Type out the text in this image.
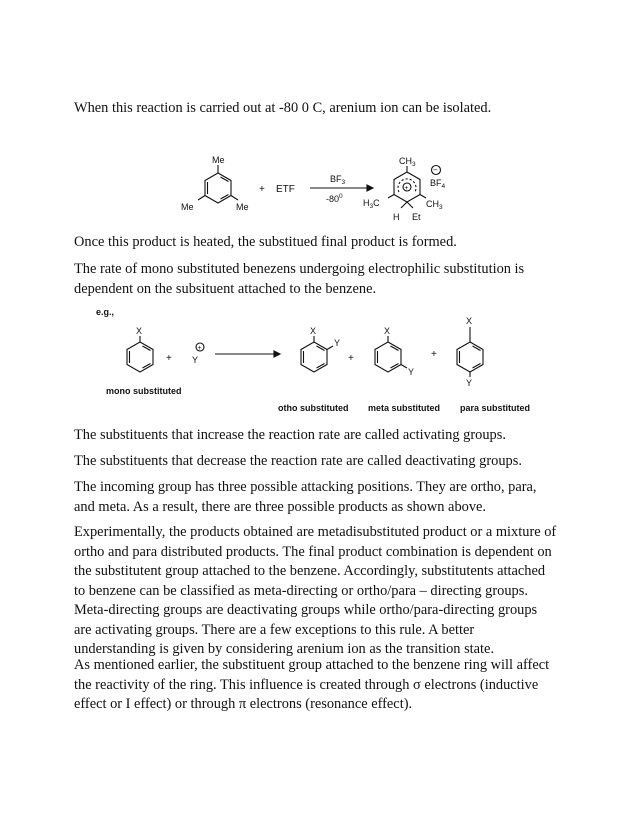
When this reaction is carried out at -80 0 C, arenium ion can be isolated.

Me
Me	Me
+ ETF
$BF_3$
$-80^0$
+
$CH_3$
$H_3C$	$CH_3$
H Et
−
$BF_4$

Once this product is heated, the substitued final product is formed.

The rate of mono substituted benezens undergoing electrophilic substitution is dependent on the subsituent attached to the benzene.

e.g.,
X
mono substituted
+
+
Y
X
Y
otho substituted
+
X
Y
meta substituted
+
X
Y
para substituted

The substituents that increase the reaction rate are called activating groups.

The substituents that decrease the reaction rate are called deactivating groups.

The incoming group has three possible attacking positions. They are ortho, para, and meta. As a result, there are three possible products as shown above.

Experimentally, the products obtained are metadisubstituted product or a mixture of ortho and para distributed products. The final product combination is dependent on the substitutent group attached to the benzene. Accordingly, substitutents attached to benzene can be classified as meta-directing or ortho/para – directing groups. Meta-directing groups are deactivating groups while ortho/para-directing groups are activating groups. There are a few exceptions to this rule. A better understanding is given by considering arenium ion as the transition state.

As mentioned earlier, the substituent group attached to the benzene ring will affect the reactivity of the ring. This influence is created through σ electrons (inductive effect or I effect) or through π electrons (resonance effect).
